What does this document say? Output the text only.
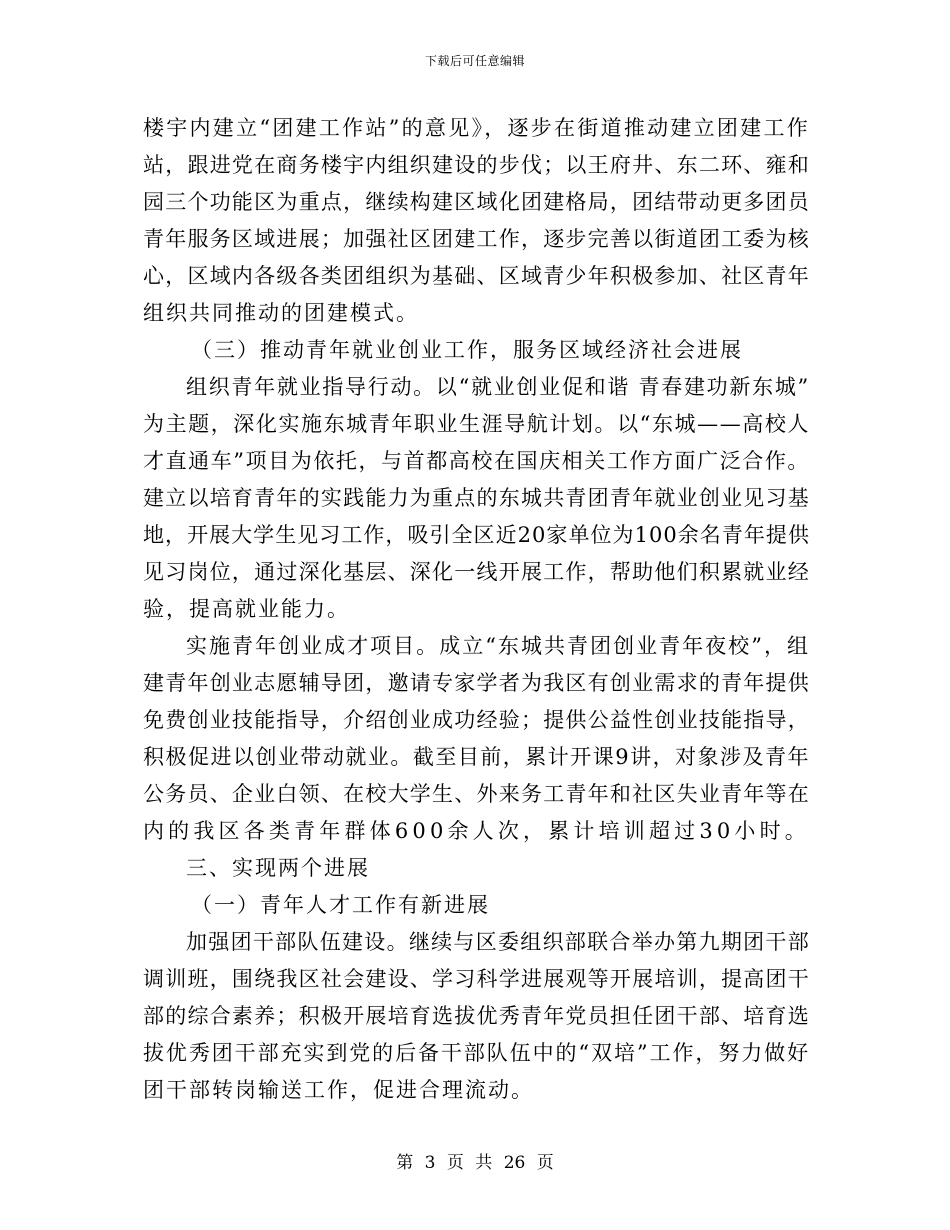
下载后可任意编辑
楼宇内建立“团建工作站”的意见》，逐步在街道推动建立团建工作
站，跟进党在商务楼宇内组织建设的步伐；以王府井、东二环、雍和
园三个功能区为重点，继续构建区域化团建格局，团结带动更多团员
青年服务区域进展；加强社区团建工作，逐步完善以街道团工委为核
心，区域内各级各类团组织为基础、区域青少年积极参加、社区青年
组织共同推动的团建模式。
（三）推动青年就业创业工作，服务区域经济社会进展
组织青年就业指导行动。以“就业创业促和谐 青春建功新东城”
为主题，深化实施东城青年职业生涯导航计划。以“东城——高校人
才直通车”项目为依托，与首都高校在国庆相关工作方面广泛合作。
建立以培育青年的实践能力为重点的东城共青团青年就业创业见习基
地，开展大学生见习工作，吸引全区近20家单位为100余名青年提供
见习岗位，通过深化基层、深化一线开展工作，帮助他们积累就业经
验，提高就业能力。
实施青年创业成才项目。成立“东城共青团创业青年夜校”，组
建青年创业志愿辅导团，邀请专家学者为我区有创业需求的青年提供
免费创业技能指导，介绍创业成功经验；提供公益性创业技能指导，
积极促进以创业带动就业。截至目前，累计开课9讲，对象涉及青年
公务员、企业白领、在校大学生、外来务工青年和社区失业青年等在
内的我区各类青年群体600余人次，累计培训超过30小时。
三、实现两个进展
（一）青年人才工作有新进展
加强团干部队伍建设。继续与区委组织部联合举办第九期团干部
调训班，围绕我区社会建设、学习科学进展观等开展培训，提高团干
部的综合素养；积极开展培育选拔优秀青年党员担任团干部、培育选
拔优秀团干部充实到党的后备干部队伍中的“双培”工作，努力做好
团干部转岗输送工作，促进合理流动。
第 3 页 共 26 页
